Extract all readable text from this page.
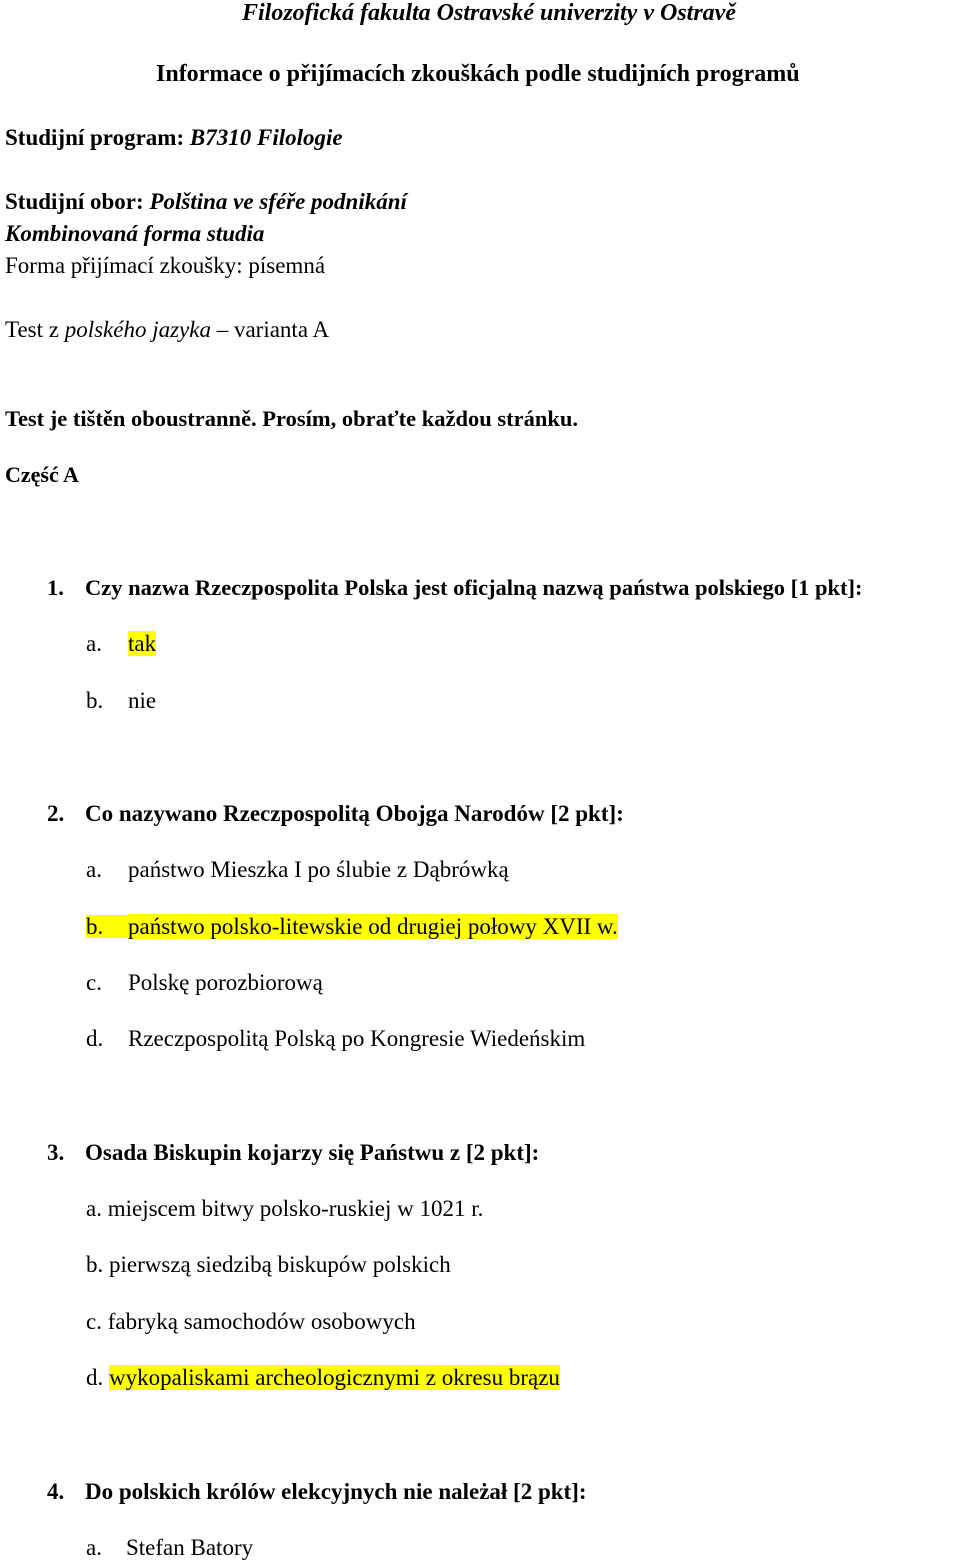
Filozofická fakulta Ostravské univerzity v Ostravě
Informace o přijímacích zkouškách podle studijních programů
Studijní program: B7310 Filologie
Studijní obor: Polština ve sféře podnikání
Kombinovaná forma studia
Forma přijímací zkoušky: písemná
Test z polského jazyka – varianta A
Test je tištěn oboustranně. Prosím, obraťte každou stránku.
Część A
1. Czy nazwa Rzeczpospolita Polska jest oficjalną nazwą państwa polskiego [1 pkt]:
a. tak
b. nie
2. Co nazywano Rzeczpospolitą Obojga Narodów [2 pkt]:
a. państwo Mieszka I po ślubie z Dąbrówką
b. państwo polsko-litewskie od drugiej połowy XVII w.
c. Polskę porozbiorową
d. Rzeczpospolitą Polską po Kongresie Wiedeńskim
3. Osada Biskupin kojarzy się Państwu z [2 pkt]:
a. miejscem bitwy polsko-ruskiej w 1021 r.
b. pierwszą siedzibą biskupów polskich
c. fabryką samochodów osobowych
d. wykopaliskami archeologicznymi z okresu brązu
4. Do polskich królów elekcyjnych nie należał [2 pkt]:
a. Stefan Batory
